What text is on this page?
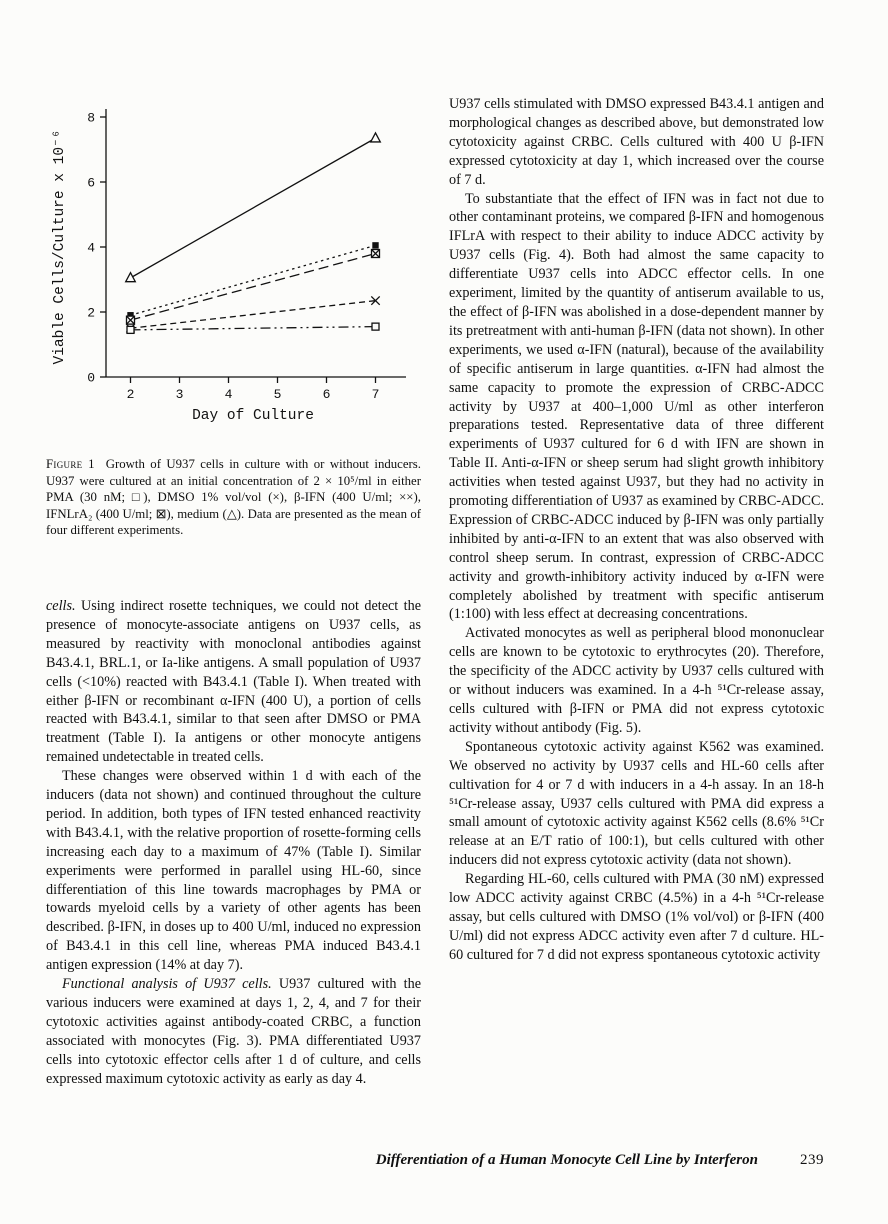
0
2
4
6
8
2	3	4	5	6	7
Day of Culture
Viable Cells/Culture x 10⁻⁶

Figure 1 Growth of U937 cells in culture with or without inducers. U937 were cultured at an initial concentration of 2 × 10⁵/ml in either PMA (30 nM; □), DMSO 1% vol/vol (×), β-IFN (400 U/ml; ××), IFNLrA₂ (400 U/ml; ⊠), medium (△). Data are presented as the mean of four different experiments.

cells. Using indirect rosette techniques, we could not detect the presence of monocyte-associate antigens on U937 cells, as measured by reactivity with monoclonal antibodies against B43.4.1, BRL.1, or Ia-like antigens. A small population of U937 cells (<10%) reacted with B43.4.1 (Table I). When treated with either β-IFN or recombinant α-IFN (400 U), a portion of cells reacted with B43.4.1, similar to that seen after DMSO or PMA treatment (Table I). Ia antigens or other monocyte antigens remained undetectable in treated cells.

These changes were observed within 1 d with each of the inducers (data not shown) and continued throughout the culture period. In addition, both types of IFN tested enhanced reactivity with B43.4.1, with the relative proportion of rosette-forming cells increasing each day to a maximum of 47% (Table I). Similar experiments were performed in parallel using HL-60, since differentiation of this line towards macrophages by PMA or towards myeloid cells by a variety of other agents has been described. β-IFN, in doses up to 400 U/ml, induced no expression of B43.4.1 in this cell line, whereas PMA induced B43.4.1 antigen expression (14% at day 7).

Functional analysis of U937 cells. U937 cultured with the various inducers were examined at days 1, 2, 4, and 7 for their cytotoxic activities against antibody-coated CRBC, a function associated with monocytes (Fig. 3). PMA differentiated U937 cells into cytotoxic effector cells after 1 d of culture, and cells expressed maximum cytotoxic activity as early as day 4.

U937 cells stimulated with DMSO expressed B43.4.1 antigen and morphological changes as described above, but demonstrated low cytotoxicity against CRBC. Cells cultured with 400 U β-IFN expressed cytotoxicity at day 1, which increased over the course of 7 d.

To substantiate that the effect of IFN was in fact not due to other contaminant proteins, we compared β-IFN and homogenous IFLrA with respect to their ability to induce ADCC activity by U937 cells (Fig. 4). Both had almost the same capacity to differentiate U937 cells into ADCC effector cells. In one experiment, limited by the quantity of antiserum available to us, the effect of β-IFN was abolished in a dose-dependent manner by its pretreatment with anti-human β-IFN (data not shown). In other experiments, we used α-IFN (natural), because of the availability of specific antiserum in large quantities. α-IFN had almost the same capacity to promote the expression of CRBC-ADCC activity by U937 at 400–1,000 U/ml as other interferon preparations tested. Representative data of three different experiments of U937 cultured for 6 d with IFN are shown in Table II. Anti-α-IFN or sheep serum had slight growth inhibitory activities when tested against U937, but they had no activity in promoting differentiation of U937 as examined by CRBC-ADCC. Expression of CRBC-ADCC induced by β-IFN was only partially inhibited by anti-α-IFN to an extent that was also observed with control sheep serum. In contrast, expression of CRBC-ADCC activity and growth-inhibitory activity induced by α-IFN were completely abolished by treatment with specific antiserum (1:100) with less effect at decreasing concentrations.

Activated monocytes as well as peripheral blood mononuclear cells are known to be cytotoxic to erythrocytes (20). Therefore, the specificity of the ADCC activity by U937 cells cultured with or without inducers was examined. In a 4-h ⁵¹Cr-release assay, cells cultured with β-IFN or PMA did not express cytotoxic activity without antibody (Fig. 5).

Spontaneous cytotoxic activity against K562 was examined. We observed no activity by U937 cells and HL-60 cells after cultivation for 4 or 7 d with inducers in a 4-h assay. In an 18-h ⁵¹Cr-release assay, U937 cells cultured with PMA did express a small amount of cytotoxic activity against K562 cells (8.6% ⁵¹Cr release at an E/T ratio of 100:1), but cells cultured with other inducers did not express cytotoxic activity (data not shown).

Regarding HL-60, cells cultured with PMA (30 nM) expressed low ADCC activity against CRBC (4.5%) in a 4-h ⁵¹Cr-release assay, but cells cultured with DMSO (1% vol/vol) or β-IFN (400 U/ml) did not express ADCC activity even after 7 d culture. HL-60 cultured for 7 d did not express spontaneous cytotoxic activity

Differentiation of a Human Monocyte Cell Line by Interferon	239
